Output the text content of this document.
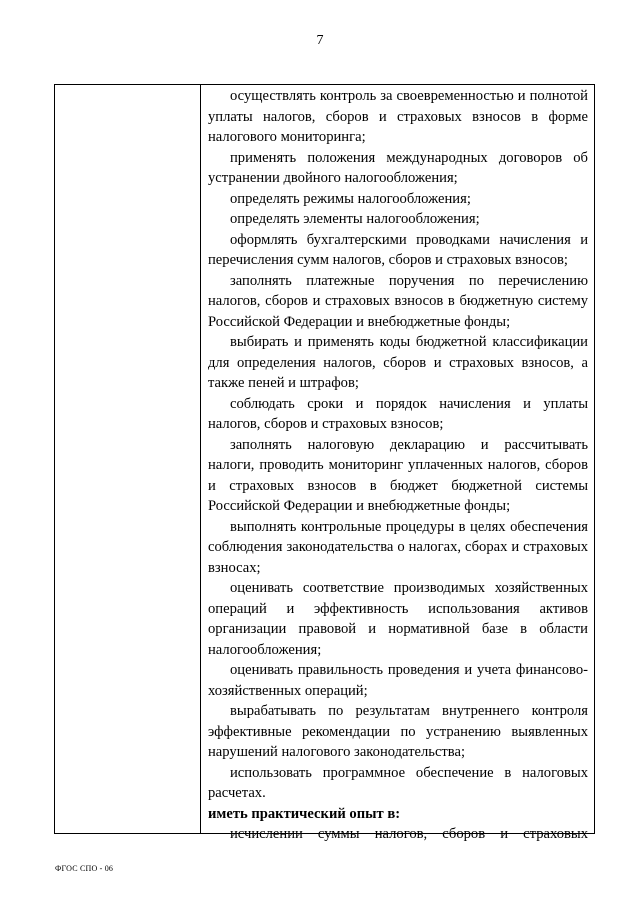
7

осуществлять контроль за своевременностью и полнотой уплаты налогов, сборов и страховых взносов в форме налогового мониторинга;

применять положения международных договоров об устранении двойного налогообложения;

определять режимы налогообложения;

определять элементы налогообложения;

оформлять бухгалтерскими проводками начисления и перечисления сумм налогов, сборов и страховых взносов;

заполнять платежные поручения по перечислению налогов, сборов и страховых взносов в бюджетную систему Российской Федерации и внебюджетные фонды;

выбирать и применять коды бюджетной классификации для определения налогов, сборов и страховых взносов, а также пеней и штрафов;

соблюдать сроки и порядок начисления и уплаты налогов, сборов и страховых взносов;

заполнять налоговую декларацию и рассчитывать налоги, проводить мониторинг уплаченных налогов, сборов и страховых взносов в бюджет бюджетной системы Российской Федерации и внебюджетные фонды;

выполнять контрольные процедуры в целях обеспечения соблюдения законодательства о налогах, сборах и страховых взносах;

оценивать соответствие производимых хозяйственных операций и эффективность использования активов организации правовой и нормативной базе в области налогообложения;

оценивать правильность проведения и учета финансово-хозяйственных операций;

вырабатывать по результатам внутреннего контроля эффективные рекомендации по устранению выявленных нарушений налогового законодательства;

использовать программное обеспечение в налоговых расчетах.

иметь практический опыт в:

исчислении суммы налогов, сборов и страховых

ФГОС СПО - 06
